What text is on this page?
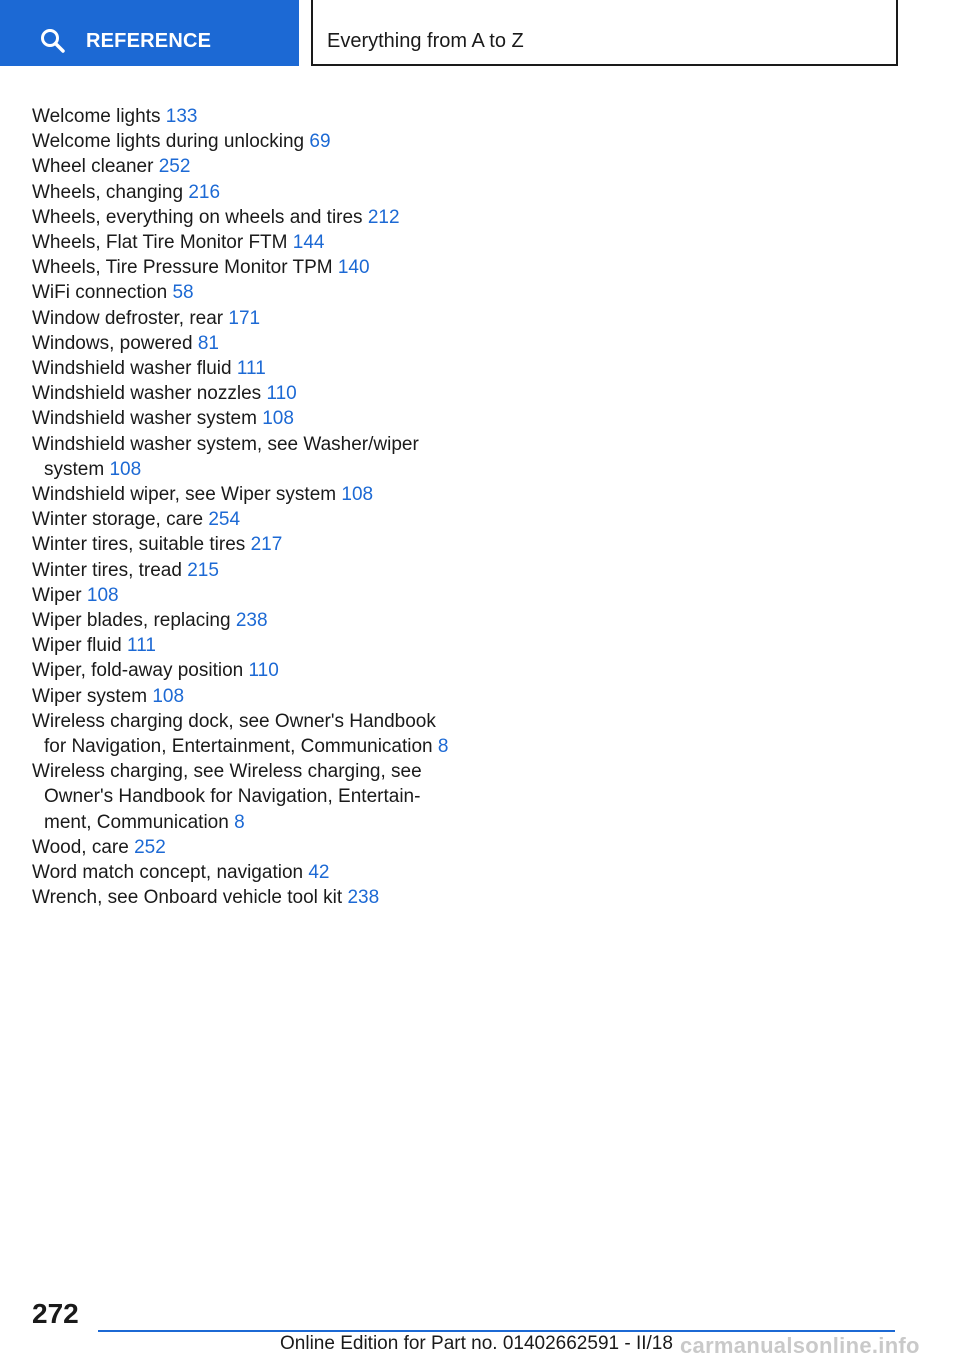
REFERENCE	Everything from A to Z
Welcome lights 133
Welcome lights during unlocking 69
Wheel cleaner 252
Wheels, changing 216
Wheels, everything on wheels and tires 212
Wheels, Flat Tire Monitor FTM 144
Wheels, Tire Pressure Monitor TPM 140
WiFi connection 58
Window defroster, rear 171
Windows, powered 81
Windshield washer fluid 111
Windshield washer nozzles 110
Windshield washer system 108
Windshield washer system, see Washer/wiper system 108
Windshield wiper, see Wiper system 108
Winter storage, care 254
Winter tires, suitable tires 217
Winter tires, tread 215
Wiper 108
Wiper blades, replacing 238
Wiper fluid 111
Wiper, fold-away position 110
Wiper system 108
Wireless charging dock, see Owner's Handbook for Navigation, Entertainment, Communication 8
Wireless charging, see Wireless charging, see Owner's Handbook for Navigation, Entertainment, Communication 8
Wood, care 252
Word match concept, navigation 42
Wrench, see Onboard vehicle tool kit 238
272
Online Edition for Part no. 01402662591 - II/18 carmanualsonline.info
